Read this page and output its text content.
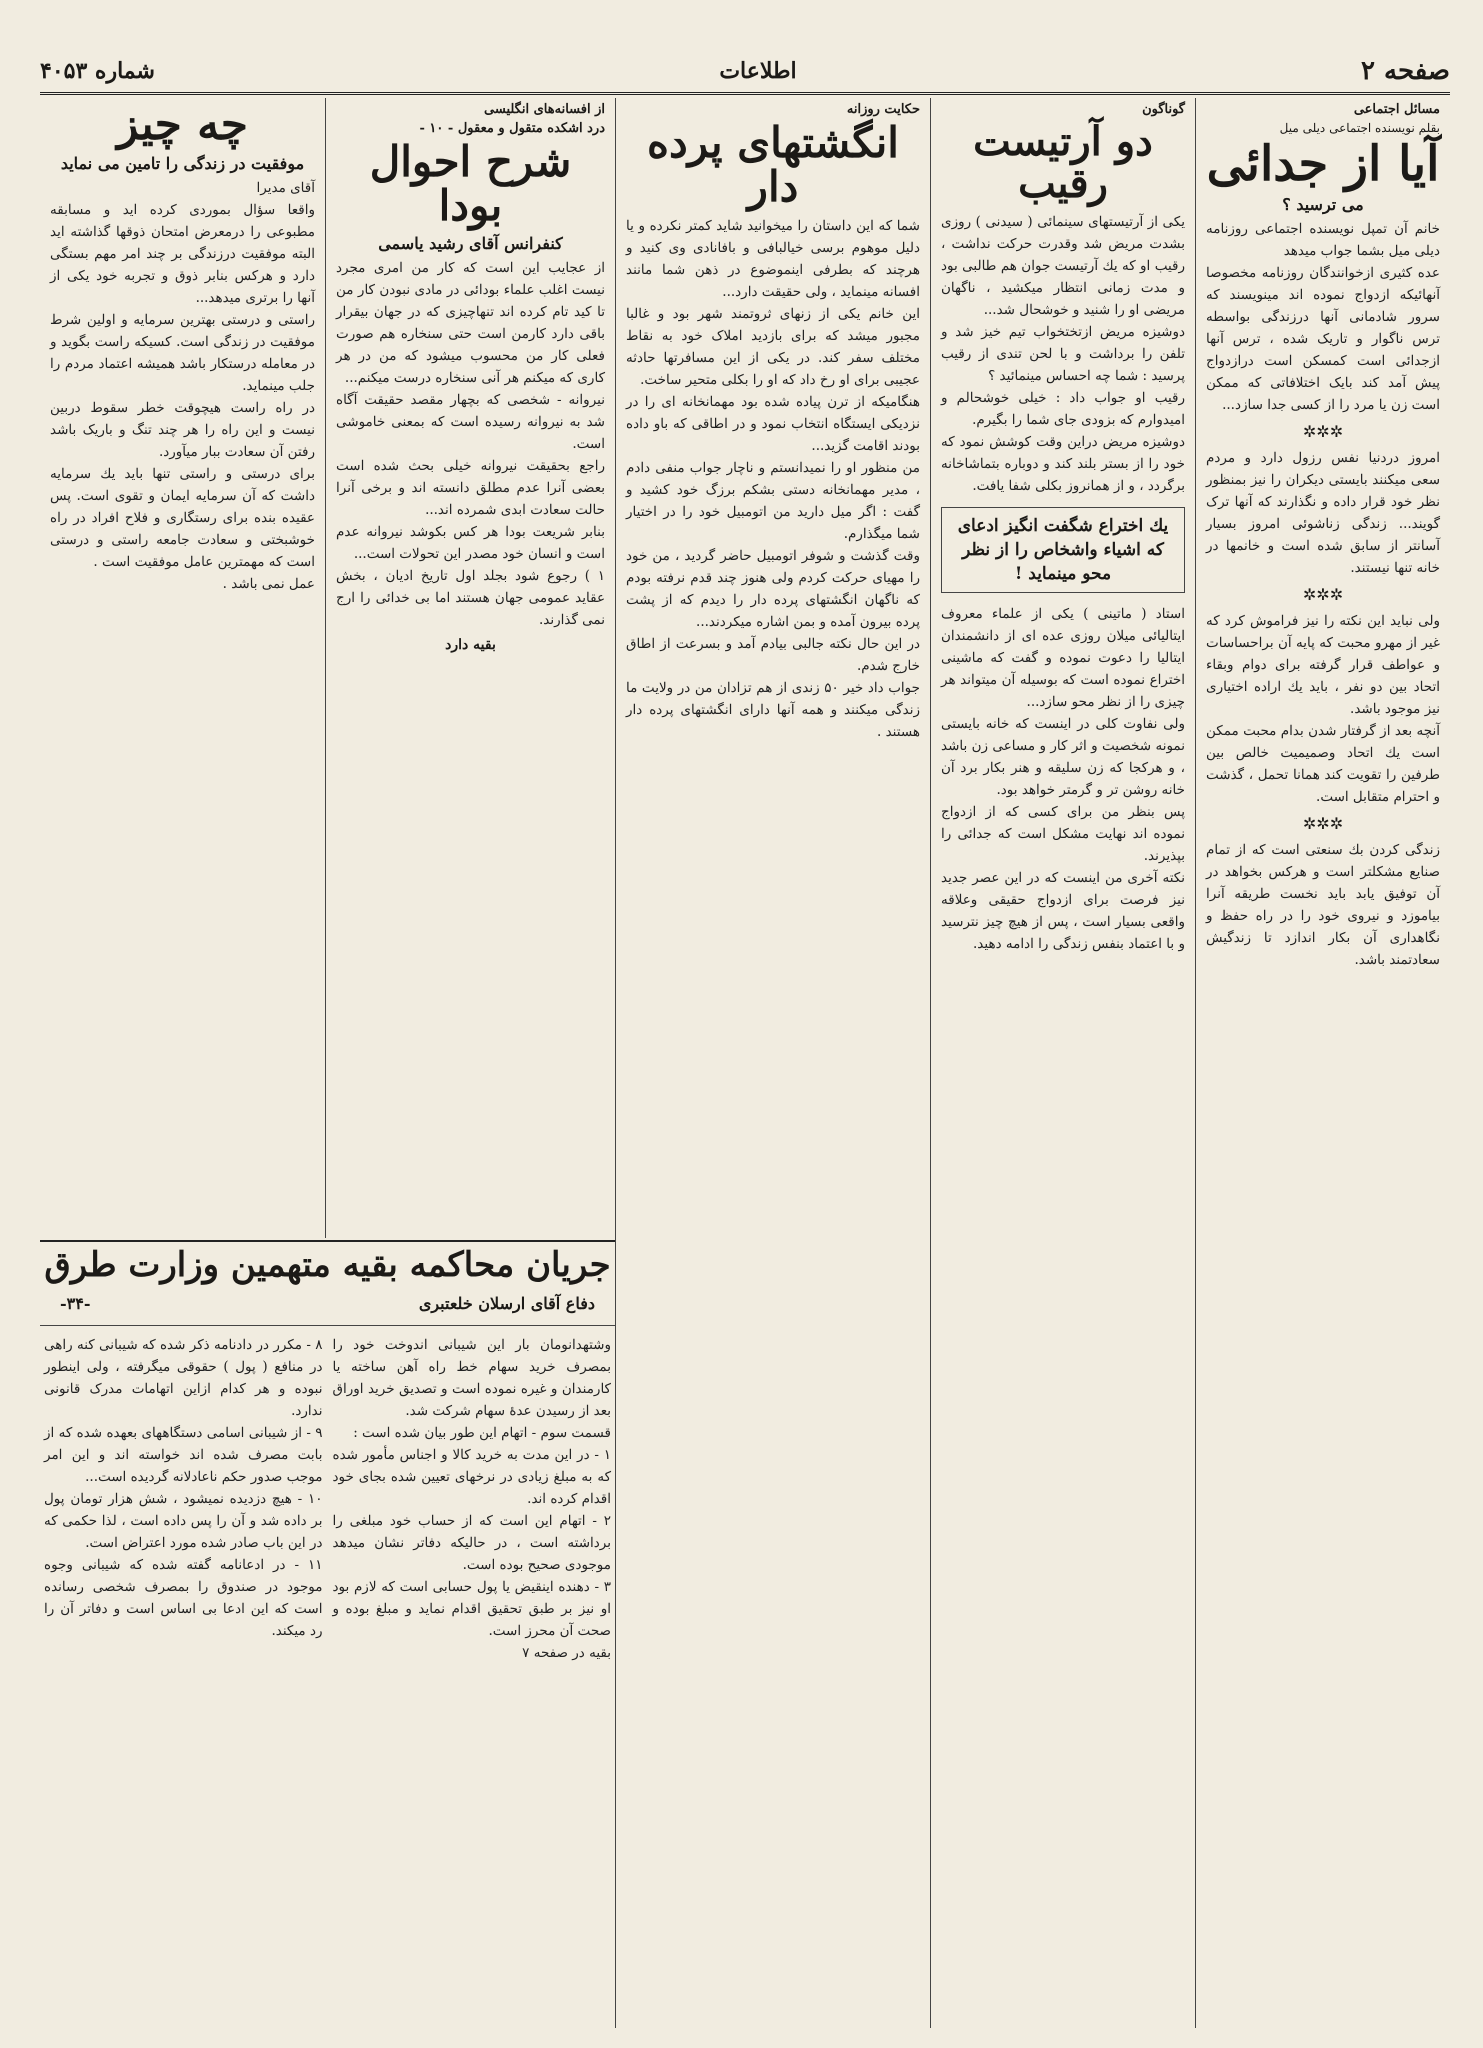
صفحه ۲
اطلاعات
شماره ۴۰۵۳
مسائل اجتماعی
بقلم نویسنده اجتماعی دیلی میل
آیا از جدائی
می ترسید ؟
خانم آن تمپل نویسنده اجتماعی روزنامه دیلی میل بشما جواب میدهد
عده کثیری ازخوانندگان روزنامه مخصوصا آنهائیکه ازدواج نموده اند مینویسند که سرور شادمانی آنها درزندگی بواسطه ترس ناگوار و تاریک شده ، ترس آنها ازجدائی است کمسکن است درازدواج پیش آمد کند بایک اختلافاتی که ممکن است زن یا مرد را از کسی جدا سازد...
✲✲✲
امروز دردنیا نفس رزول دارد و مردم سعی میکنند بایستی دیکران را نیز بمنظور نظر خود قرار داده و نگذارند که آنها ترک گویند... زندگی زناشوئی امروز بسیار آسانتر از سابق شده است و خانمها در خانه تنها نیستند.
✲✲✲
ولی نباید این نکته را نیز فراموش کرد که غیر از مهرو محبت که پایه آن براحساسات و عواطف قرار گرفته برای دوام وبقاء اتحاد بین دو نفر ، باید یك اراده اختیاری نیز موجود باشد.
آنچه بعد از گرفتار شدن بدام محبت ممکن است یك اتحاد وصمیمیت خالص بین طرفین را تقویت کند همانا تحمل ، گذشت و احترام متقابل است.
✲✲✲
زندگی کردن بك سنعتی است که از تمام صنایع مشکلتر است و هرکس بخواهد در آن توفیق یابد باید نخست طریقه آنرا بیاموزد و نیروی خود را در راه حفظ و نگاهداری آن بکار اندازد تا زندگیش سعادتمند باشد.
گوناگون
دو آرتیست رقیب
یکی از آرتیستهای سینمائی ( سیدنی ) روزی بشدت مریض شد وقدرت حرکت نداشت ، رقیب او که یك آرتیست جوان هم طالبی بود و مدت زمانی انتظار میکشید ، ناگهان مریضی او را شنید و خوشحال شد...
دوشیزه مریض ازتختخواب تیم خیز شد و تلفن را برداشت و با لحن تندی از رقیب پرسید : شما چه احساس مینمائید ؟
رقیب او جواب داد : خیلی خوشحالم و امیدوارم که بزودی جای شما را بگیرم.
دوشیزه مریض دراین وقت کوشش نمود که خود را از بستر بلند کند و دوباره بتماشاخانه برگردد ، و از همانروز بکلی شفا یافت.
یك اختراع شگفت انگیز ادعای که اشیاء واشخاص را از نظر محو مینماید !
استاد ( ماتینی ) یکی از علماء معروف ایتالیائی میلان روزی عده ای از دانشمندان ایتالیا را دعوت نموده و گفت که ماشینی اختراع نموده است که بوسیله آن میتواند هر چیزی را از نظر محو سازد...
ولی نفاوت کلی در اینست که خانه بایستی نمونه شخصیت و اثر کار و مساعی زن باشد ، و هرکجا که زن سلیقه و هنر بکار برد آن خانه روشن تر و گرمتر خواهد بود.
پس بنظر من برای کسی که از ازدواج نموده اند نهایت مشکل است که جدائی را بپذیرند.
نکته آخری من اینست که در این عصر جدید نیز فرصت برای ازدواج حقیقی وعلاقه واقعی بسیار است ، پس از هیچ چیز نترسید و با اعتماد بنفس زندگی را ادامه دهید.
حکایت روزانه
انگشتهای پرده دار
شما که این داستان را میخوانید شاید کمتر نکرده و یا دلیل موهوم برسی خیالبافی و بافانادی وی کنید و هرچند که بطرفی اینموضوع در ذهن شما مانند افسانه مینماید ، ولی حقیقت دارد...
این خانم یکی از زنهای ثروتمند شهر بود و غالبا مجبور میشد که برای بازدید املاک خود به نقاط مختلف سفر کند. در یکی از این مسافرتها حادثه عجیبی برای او رخ داد که او را بکلی متحیر ساخت.
هنگامیکه از ترن پیاده شده بود مهمانخانه ای را در نزدیکی ایستگاه انتخاب نمود و در اطاقی که باو داده بودند اقامت گزید...
من منظور او را نمیدانستم و ناچار جواب منفی دادم ، مدیر مهمانخانه دستی بشکم برزگ خود کشید و گفت : اگر میل دارید من اتومبیل خود را در اختیار شما میگذارم.
وقت گذشت و شوفر اتومبیل حاضر گردید ، من خود را مهیای حرکت کردم ولی هنوز چند قدم نرفته بودم که ناگهان انگشتهای پرده دار را دیدم که از پشت پرده بیرون آمده و بمن اشاره میکردند...
در این حال نکته جالبی بیادم آمد و بسرعت از اطاق خارج شدم.
جواب داد خیر ۵۰ زندی از هم تزادان من در ولایت ما زندگی میکنند و همه آنها دارای انگشتهای پرده دار هستند .
از افسانه‌های انگلیسی
درد اشکده متقول و معقول - ۱۰ -
شرح احوال بودا
کنفرانس آقای رشید یاسمی
از عجایب این است که کار من امری مجرد نیست اغلب علماء بودائی در مادی نبودن کار من تا کید تام کرده اند تنهاچیزی که در جهان بیقرار باقی دارد کارمن است حتی سنخاره هم صورت فعلی کار من محسوب میشود که من در هر کاری که میکنم هر آنی سنخاره درست میکنم...
نیروانه - شخصی که بچهار مقصد حقیقت آگاه شد به نیروانه رسیده است که بمعنی خاموشی است.
راجع بحقیقت نیروانه خیلی بحث شده است بعضی آنرا عدم مطلق دانسته اند و برخی آنرا حالت سعادت ابدی شمرده اند...
بنابر شریعت بودا هر کس بکوشد نیروانه عدم است و انسان خود مصدر این تحولات است...
۱ ) رجوع شود بجلد اول تاریخ ادیان ، بخش عقاید عمومی جهان هستند اما بی خدائی را ارج نمی گذارند.
بقیه دارد
چه چیز
موفقیت در زندگی را تامین می نماید
آقای مدیرا
واقعا سؤال بموردی کرده اید و مسابقه مطبوعی را درمعرض امتحان ذوقها گذاشته اید البته موفقیت درزندگی بر چند امر مهم بستگی دارد و هرکس بنابر ذوق و تجربه خود یکی از آنها را برتری میدهد...
راستی و درستی بهترین سرمایه و اولین شرط موفقیت در زندگی است. کسیکه راست بگوید و در معامله درستکار باشد همیشه اعتماد مردم را جلب مینماید.
در راه راست هیچوقت خطر سقوط دربین نیست و این راه را هر چند تنگ و باریک باشد رفتن آن سعادت ببار میآورد.
برای درستی و راستی تنها باید یك سرمایه داشت که آن سرمایه ایمان و تقوی است. پس عقیده بنده برای رستگاری و فلاح افراد در راه خوشبختی و سعادت جامعه راستی و درستی است که مهمترین عامل موفقیت است .
عمل نمی باشد .
جریان محاکمه بقیه متهمین وزارت طرق
دفاع آقای ارسلان خلعتبری
-۳۴-
وشتهدانومان بار این شیبانی اندوخت خود را بمصرف خرید سهام خط راه آهن ساخته یا کارمندان و غیره نموده است و تصدیق خرید اوراق بعد از رسیدن عدۀ سهام شرکت شد.
قسمت سوم - اتهام این طور بیان شده است :
۱ - در این مدت به خرید کالا و اجناس مأمور شده که به مبلغ زیادی در نرخهای تعیین شده بجای خود اقدام کرده اند.
۲ - اتهام این است که از حساب خود مبلغی را برداشته است ، در حالیکه دفاتر نشان میدهد موجودی صحیح بوده است.
۳ - دهنده اینقیض یا پول حسابی است که لازم بود او نیز بر طبق تحقیق اقدام نماید و مبلغ بوده و صحت آن محرز است.
بقیه در صفحه ۷
۸ - مکرر در دادنامه ذکر شده که شیبانی کنه راهی در منافع ( پول ) حقوقی میگرفته ، ولی اینطور نبوده و هر کدام ازاین اتهامات مدرک قانونی ندارد.
۹ - از شیبانی اسامی دستگاههای بعهده شده که از بابت مصرف شده اند خواسته اند و این امر موجب صدور حکم ناعادلانه گردیده است...
۱۰ - هیچ دزدیده نمیشود ، شش هزار تومان پول بر داده شد و آن را پس داده است ، لذا حکمی که در این باب صادر شده مورد اعتراض است.
۱۱ - در ادعانامه گفته شده که شیبانی وجوه موجود در صندوق را بمصرف شخصی رسانده است که این ادعا بی اساس است و دفاتر آن را رد میکند.
